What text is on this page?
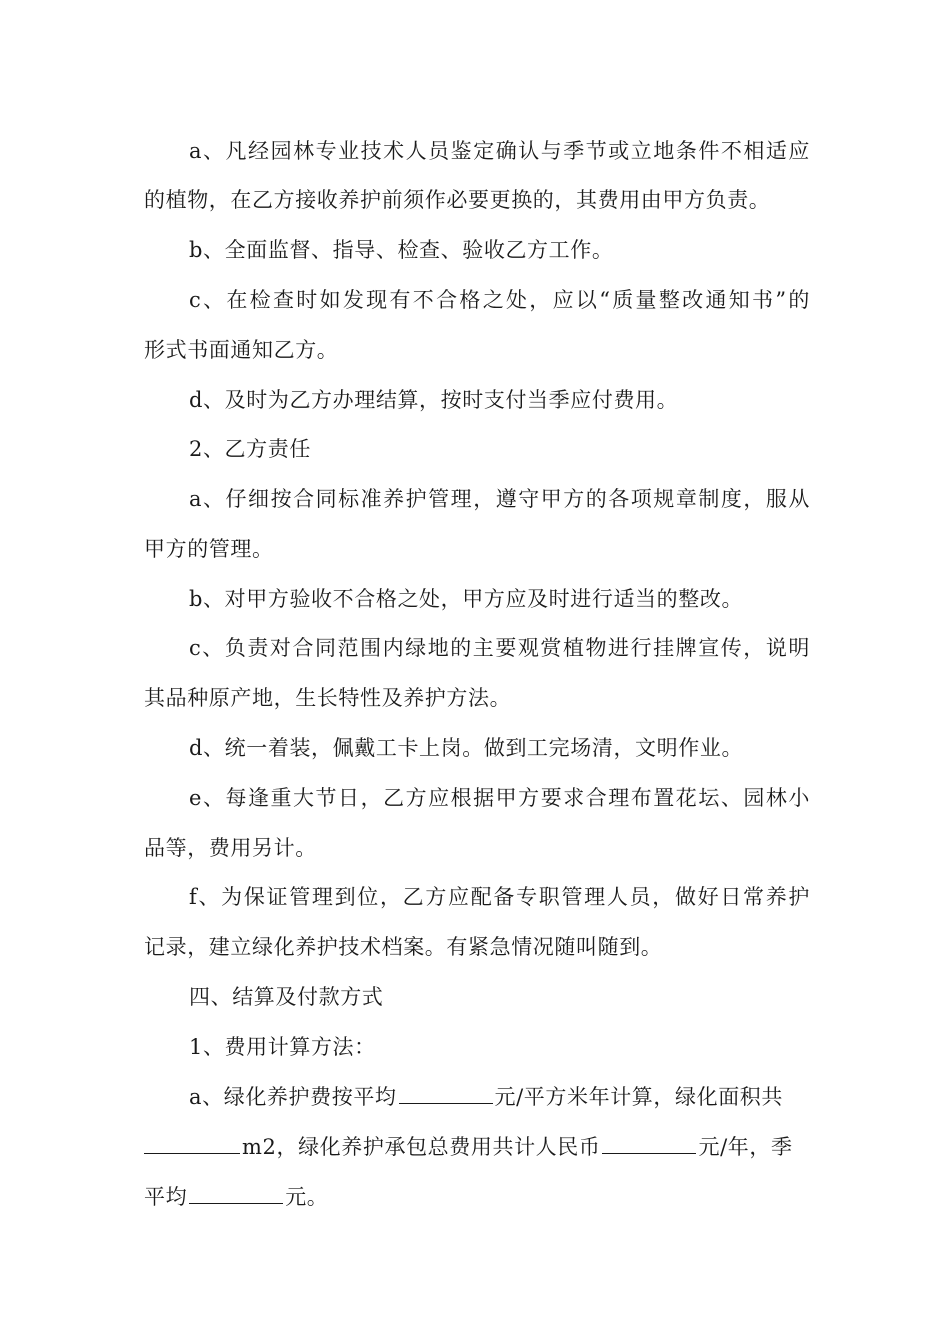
a、凡经园林专业技术人员鉴定确认与季节或立地条件不相适应
的植物，在乙方接收养护前须作必要更换的，其费用由甲方负责。
b、全面监督、指导、检查、验收乙方工作。
c、在检查时如发现有不合格之处，应以“质量整改通知书”的
形式书面通知乙方。
d、及时为乙方办理结算，按时支付当季应付费用。
2、乙方责任
a、仔细按合同标准养护管理，遵守甲方的各项规章制度，服从
甲方的管理。
b、对甲方验收不合格之处，甲方应及时进行适当的整改。
c、负责对合同范围内绿地的主要观赏植物进行挂牌宣传，说明
其品种原产地，生长特性及养护方法。
d、统一着装，佩戴工卡上岗。做到工完场清，文明作业。
e、每逢重大节日，乙方应根据甲方要求合理布置花坛、园林小
品等，费用另计。
f、为保证管理到位，乙方应配备专职管理人员，做好日常养护
记录，建立绿化养护技术档案。有紧急情况随叫随到。
四、结算及付款方式
1、费用计算方法：
a、绿化养护费按平均	元/平方米年计算，绿化面积共
m2，绿化养护承包总费用共计人民币	元/年，季
平均	元。
